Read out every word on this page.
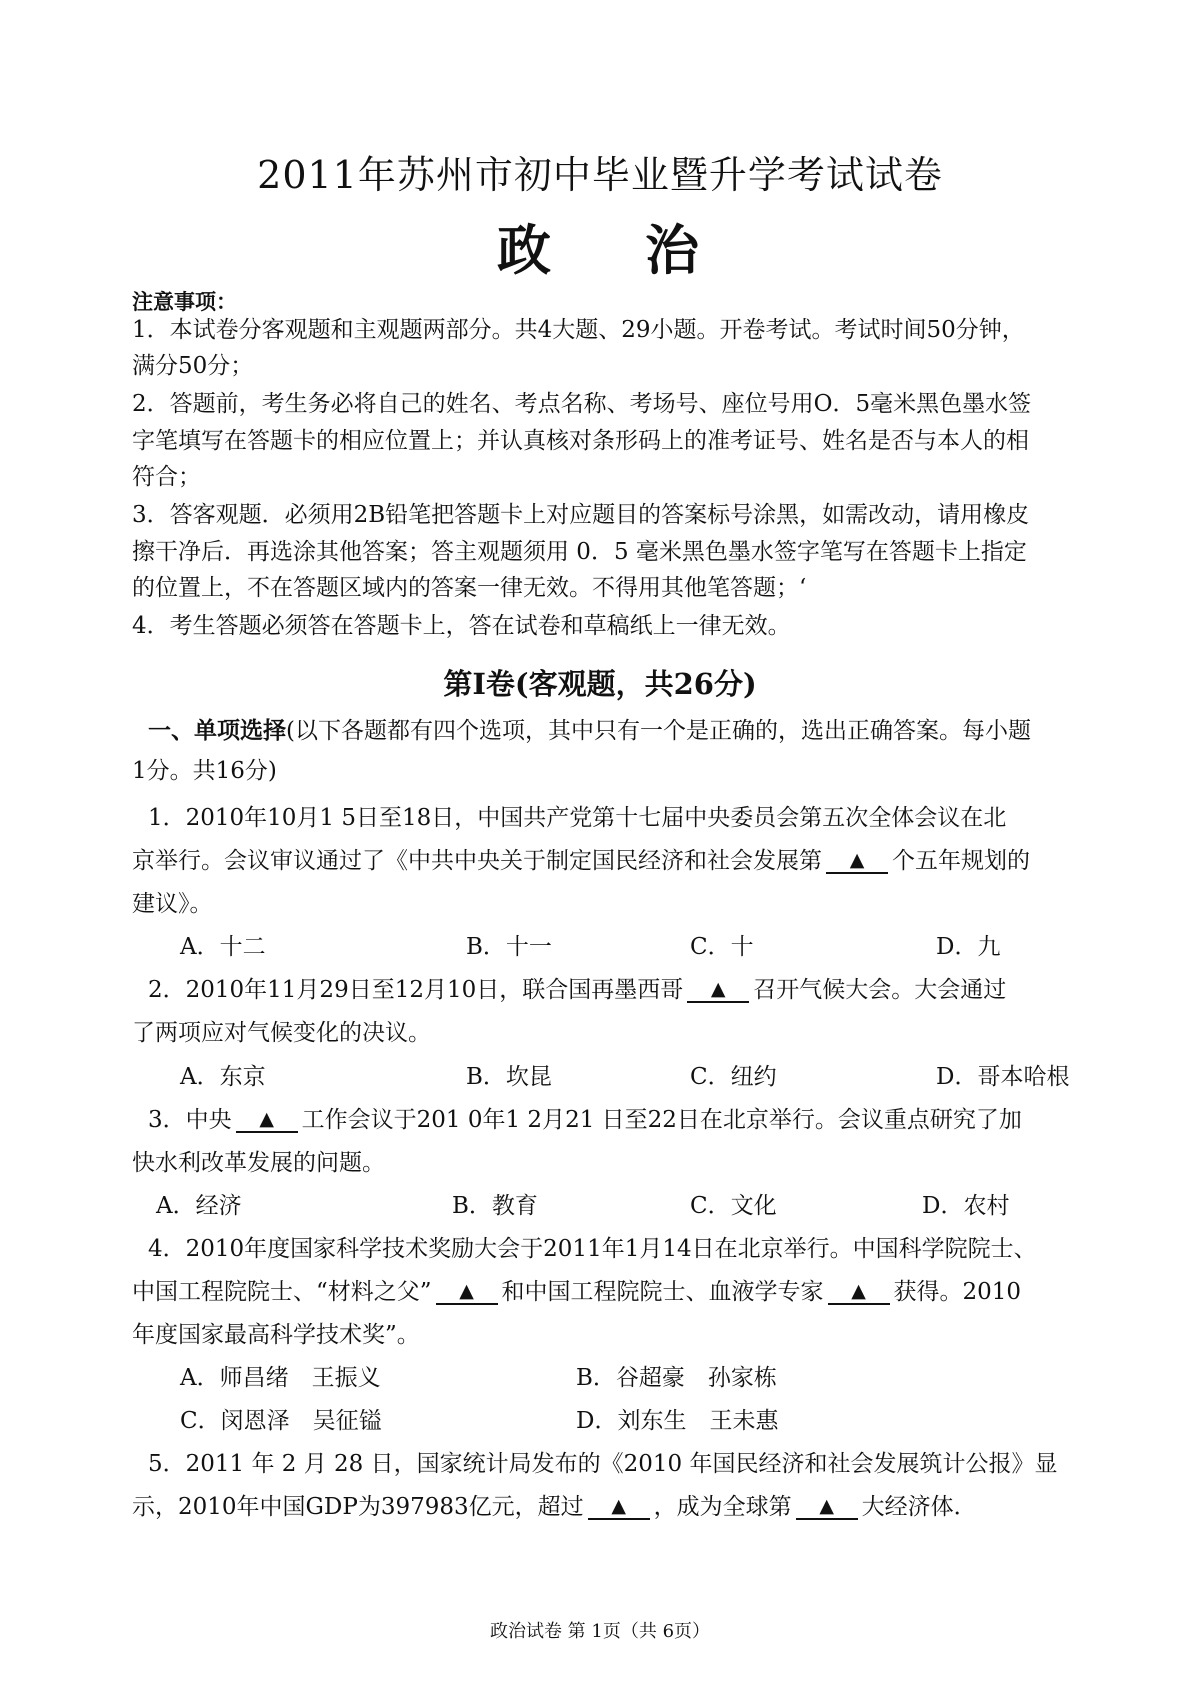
2011年苏州市初中毕业暨升学考试试卷
政 治
注意事项：
1．本试卷分客观题和主观题两部分。共4大题、29小题。开卷考试。考试时间50分钟，
满分50分；
2．答题前，考生务必将自己的姓名、考点名称、考场号、座位号用O．5毫米黑色墨水签
字笔填写在答题卡的相应位置上；并认真核对条形码上的准考证号、姓名是否与本人的相
符合；
3．答客观题．必须用2B铅笔把答题卡上对应题目的答案标号涂黑，如需改动，请用橡皮
擦干净后．再选涂其他答案；答主观题须用 0．5 毫米黑色墨水签字笔写在答题卡上指定
的位置上，不在答题区域内的答案一律无效。不得用其他笔答题；‘
4．考生答题必须答在答题卡上，答在试卷和草稿纸上一律无效。
第Ⅰ卷(客观题，共26分)
一、单项选择(以下各题都有四个选项，其中只有一个是正确的，选出正确答案。每小题
1分。共16分)
1．2010年10月1 5日至18日，中国共产党第十七届中央委员会第五次全体会议在北
京举行。会议审议通过了《中共中央关于制定国民经济和社会发展第 ▲ 个五年规划的
建议》。
A．十二	B．十一	C．十	D．九
2．2010年11月29日至12月10日，联合国再墨西哥 ▲ 召开气候大会。大会通过
了两项应对气候变化的决议。
A．东京	B．坎昆	C．纽约	D．哥本哈根
3．中央 ▲ 工作会议于201 0年1 2月21 日至22日在北京举行。会议重点研究了加
快水利改革发展的问题。
A．经济	B．教育	C．文化	D．农村
4．2010年度国家科学技术奖励大会于2011年1月14日在北京举行。中国科学院院士、
中国工程院院士、“材料之父” ▲ 和中国工程院院士、血液学专家 ▲ 获得。2010
年度国家最高科学技术奖”。
A．师昌绪　王振义	B．谷超豪　孙家栋
C．闵恩泽　吴征镒	D．刘东生　王未惠
5．2011 年 2 月 28 日，国家统计局发布的《2010 年国民经济和社会发展筑计公报》显
示，2010年中国GDP为397983亿元，超过 ▲ ，成为全球第 ▲ 大经济体．
政治试卷 第 1页（共 6页）
